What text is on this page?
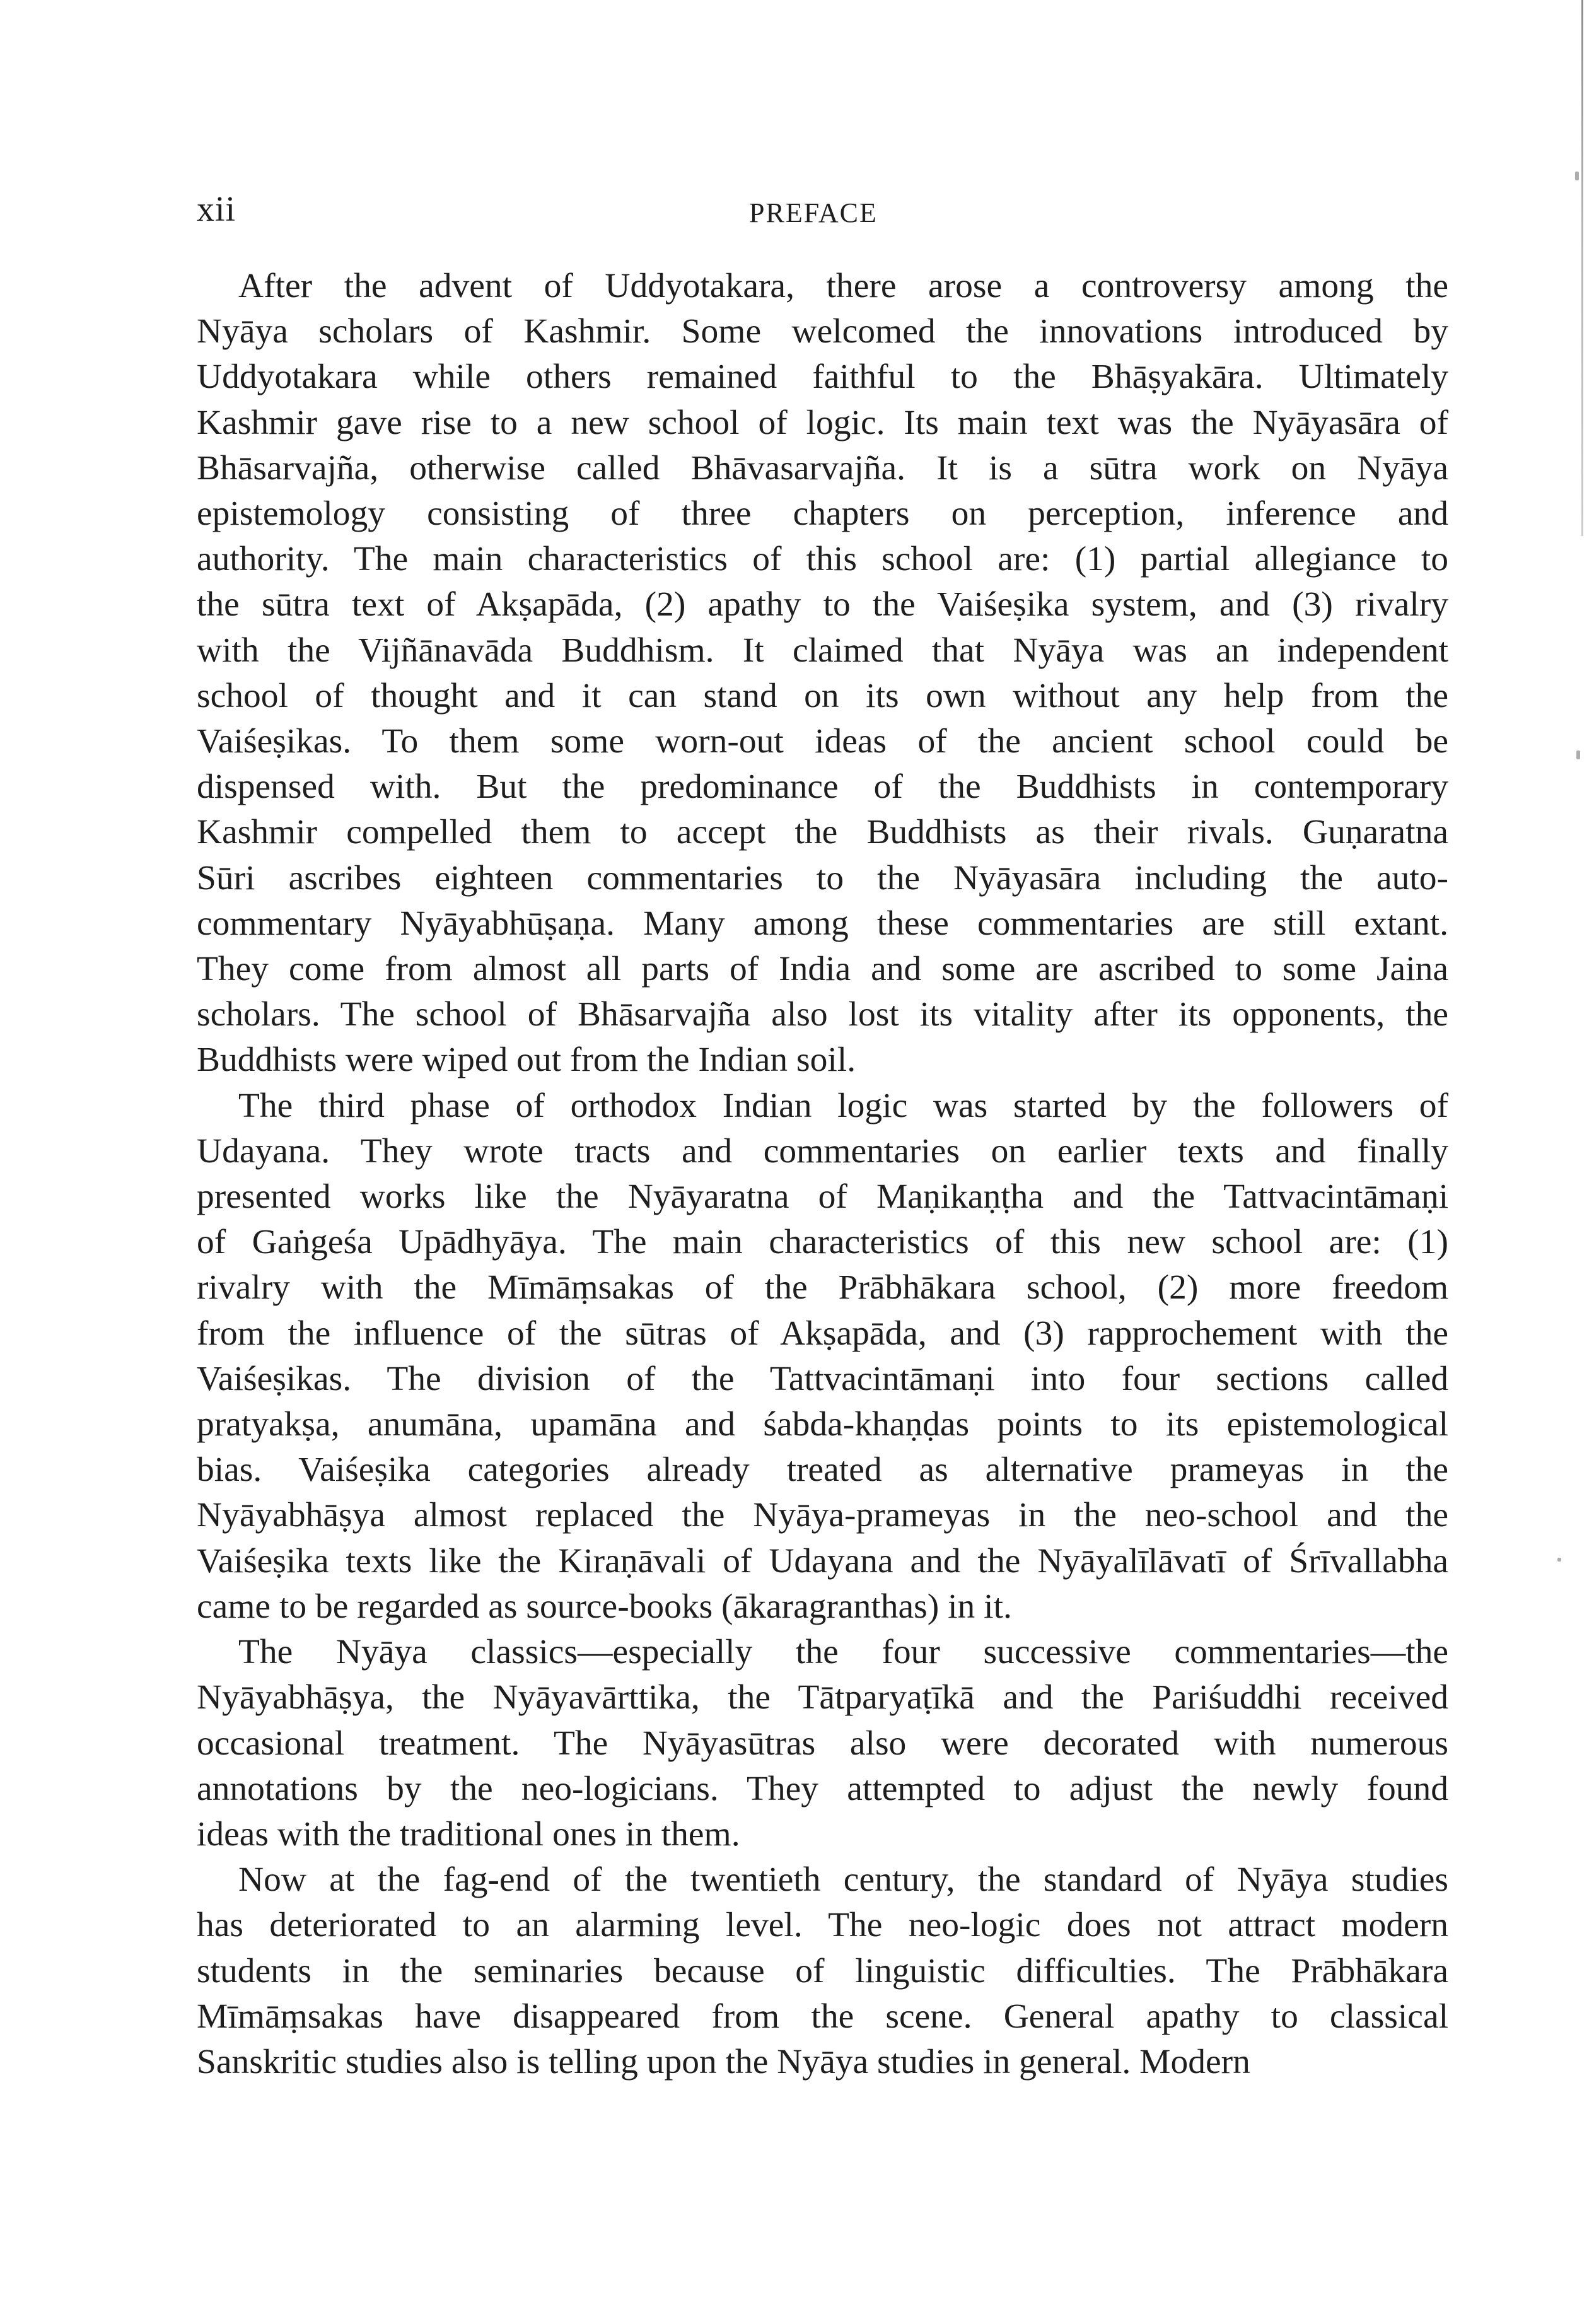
xii	PREFACE

After the advent of Uddyotakara, there arose a controversy among the
Nyāya scholars of Kashmir. Some welcomed the innovations introduced by
Uddyotakara while others remained faithful to the Bhāṣyakāra. Ultimately
Kashmir gave rise to a new school of logic. Its main text was the Nyāyasāra of
Bhāsarvajña, otherwise called Bhāvasarvajña. It is a sūtra work on Nyāya
epistemology consisting of three chapters on perception, inference and
authority. The main characteristics of this school are: (1) partial allegiance to
the sūtra text of Akṣapāda, (2) apathy to the Vaiśeṣika system, and (3) rivalry
with the Vijñānavāda Buddhism. It claimed that Nyāya was an independent
school of thought and it can stand on its own without any help from the
Vaiśeṣikas. To them some worn-out ideas of the ancient school could be
dispensed with. But the predominance of the Buddhists in contemporary
Kashmir compelled them to accept the Buddhists as their rivals. Guṇaratna
Sūri ascribes eighteen commentaries to the Nyāyasāra including the auto-
commentary Nyāyabhūṣaṇa. Many among these commentaries are still extant.
They come from almost all parts of India and some are ascribed to some Jaina
scholars. The school of Bhāsarvajña also lost its vitality after its opponents, the
Buddhists were wiped out from the Indian soil.

The third phase of orthodox Indian logic was started by the followers of
Udayana. They wrote tracts and commentaries on earlier texts and finally
presented works like the Nyāyaratna of Maṇikaṇṭha and the Tattvacintāmaṇi
of Gaṅgeśa Upādhyāya. The main characteristics of this new school are: (1)
rivalry with the Mīmāṃsakas of the Prābhākara school, (2) more freedom
from the influence of the sūtras of Akṣapāda, and (3) rapprochement with the
Vaiśeṣikas. The division of the Tattvacintāmaṇi into four sections called
pratyakṣa, anumāna, upamāna and śabda-khaṇḍas points to its epistemological
bias. Vaiśeṣika categories already treated as alternative prameyas in the
Nyāyabhāṣya almost replaced the Nyāya-prameyas in the neo-school and the
Vaiśeṣika texts like the Kiraṇāvali of Udayana and the Nyāyalīlāvatī of Śrīvallabha
came to be regarded as source-books (ākaragranthas) in it.

The Nyāya classics—especially the four successive commentaries—the
Nyāyabhāṣya, the Nyāyavārttika, the Tātparyaṭīkā and the Pariśuddhi received
occasional treatment. The Nyāyasūtras also were decorated with numerous
annotations by the neo-logicians. They attempted to adjust the newly found
ideas with the traditional ones in them.

Now at the fag-end of the twentieth century, the standard of Nyāya studies
has deteriorated to an alarming level. The neo-logic does not attract modern
students in the seminaries because of linguistic difficulties. The Prābhākara
Mīmāṃsakas have disappeared from the scene. General apathy to classical
Sanskritic studies also is telling upon the Nyāya studies in general. Modern
